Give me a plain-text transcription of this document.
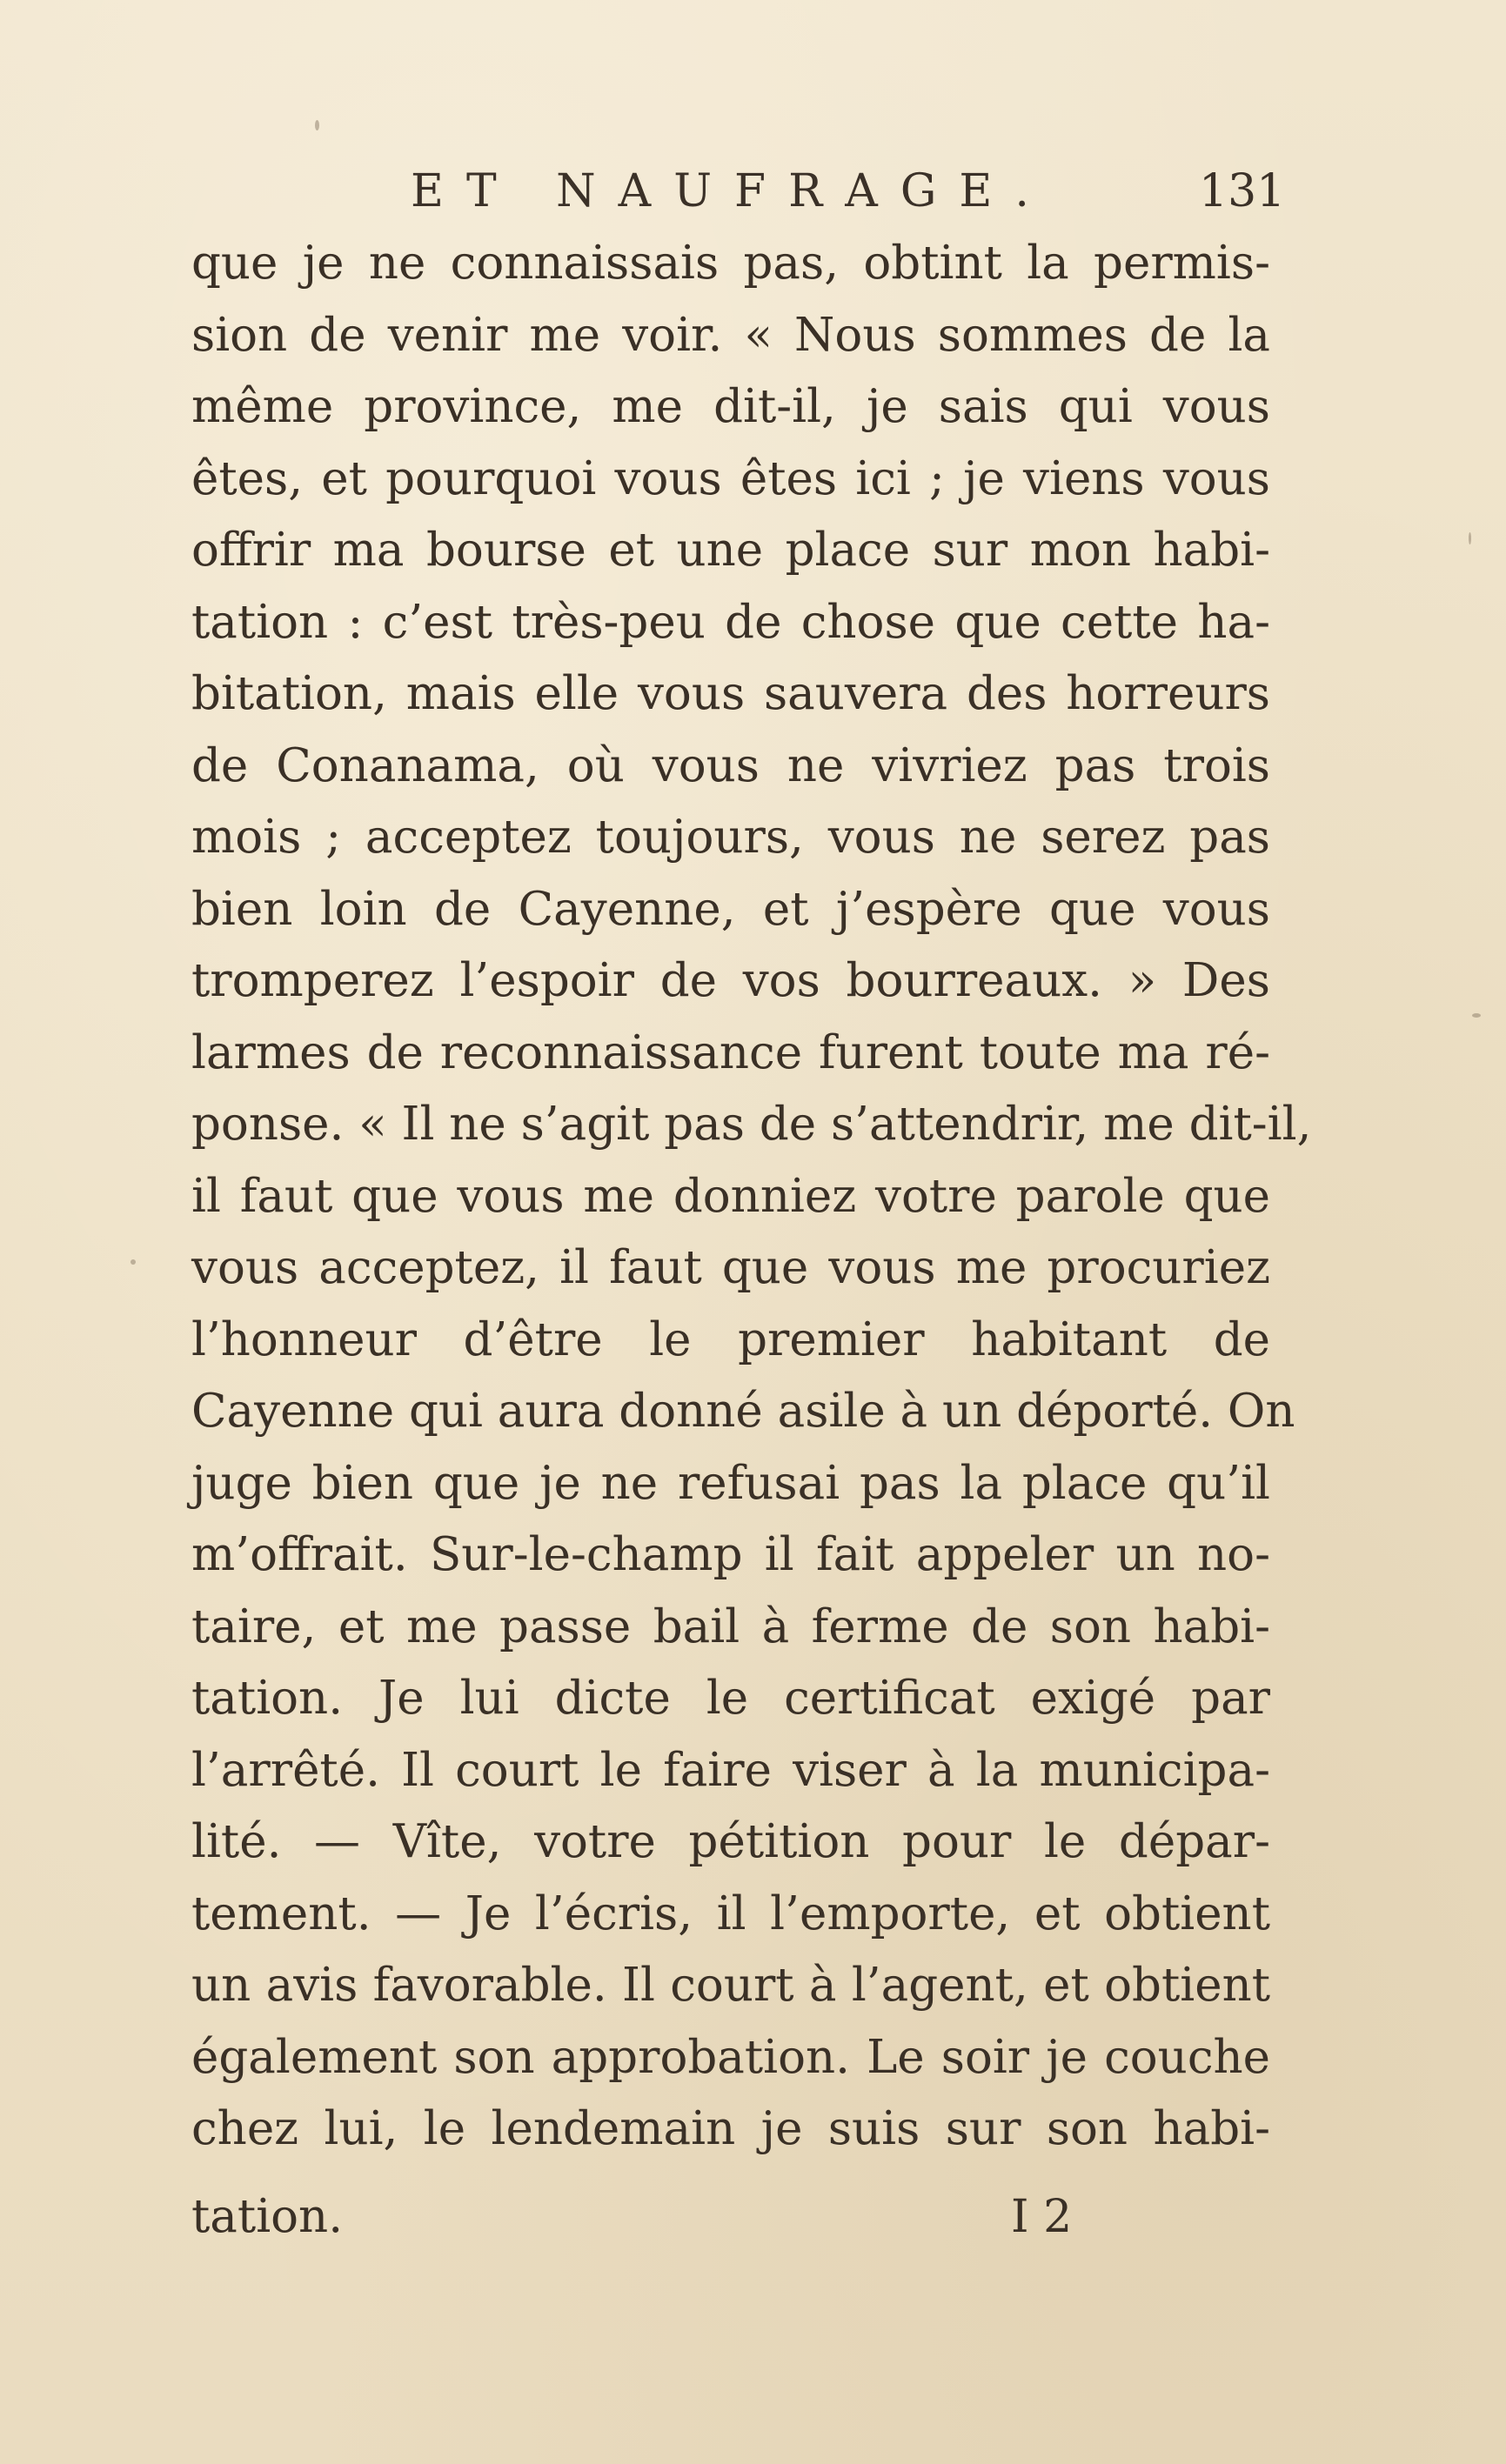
ET NAUFRAGE.	131
que je ne connaissais pas, obtint la permis-
sion de venir me voir. « Nous sommes de la
même province, me dit-il, je sais qui vous
êtes, et pourquoi vous êtes ici ; je viens vous
offrir ma bourse et une place sur mon habi-
tation : c’est très-peu de chose que cette ha-
bitation, mais elle vous sauvera des horreurs
de Conanama, où vous ne vivriez pas trois
mois ; acceptez toujours, vous ne serez pas
bien loin de Cayenne, et j’espère que vous
tromperez l’espoir de vos bourreaux. » Des
larmes de reconnaissance furent toute ma ré-
ponse. « Il ne s’agit pas de s’attendrir, me dit-il,
il faut que vous me donniez votre parole que
vous acceptez, il faut que vous me procuriez
l’honneur d’être le premier habitant de
Cayenne qui aura donné asile à un déporté. On
juge bien que je ne refusai pas la place qu’il
m’offrait. Sur-le-champ il fait appeler un no-
taire, et me passe bail à ferme de son habi-
tation. Je lui dicte le certificat exigé par
l’arrêté. Il court le faire viser à la municipa-
lité. — Vîte, votre pétition pour le dépar-
tement. — Je l’écris, il l’emporte, et obtient
un avis favorable. Il court à l’agent, et obtient
également son approbation. Le soir je couche
chez lui, le lendemain je suis sur son habi-
tation.	I 2
